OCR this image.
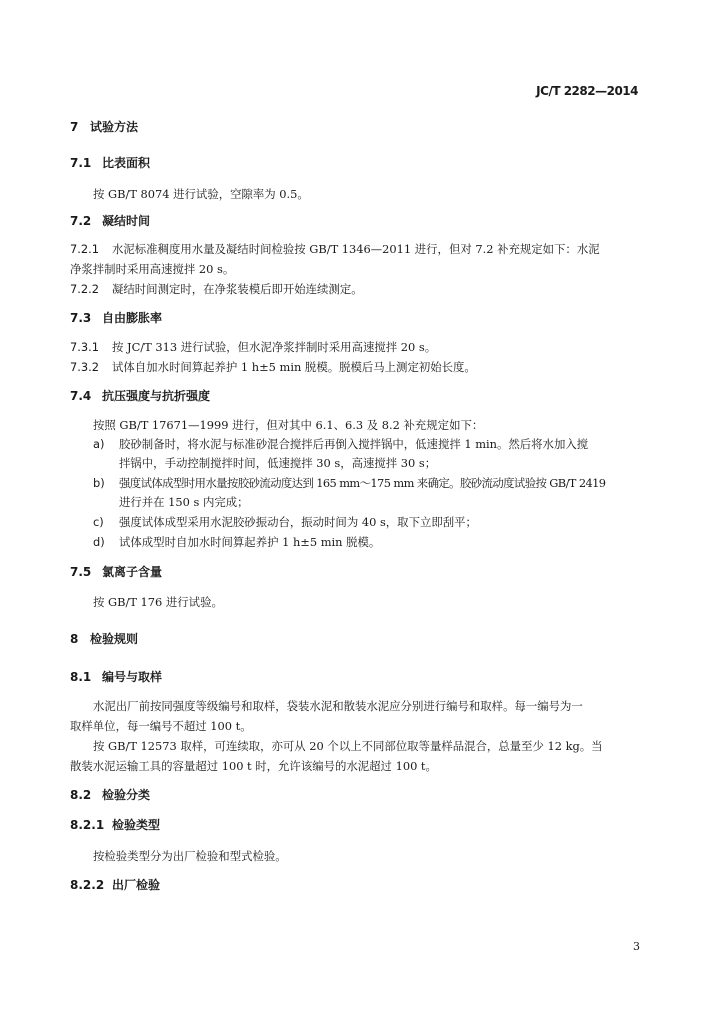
JC/T 2282—2014
7 试验方法
7.1 比表面积
按 GB/T 8074 进行试验，空隙率为 0.5。
7.2 凝结时间
7.2.1 水泥标准稠度用水量及凝结时间检验按 GB/T 1346—2011 进行，但对 7.2 补充规定如下：水泥
净浆拌制时采用高速搅拌 20 s。
7.2.2 凝结时间测定时，在净浆装模后即开始连续测定。
7.3 自由膨胀率
7.3.1 按 JC/T 313 进行试验，但水泥净浆拌制时采用高速搅拌 20 s。
7.3.2 试体自加水时间算起养护 1 h±5 min 脱模。脱模后马上测定初始长度。
7.4 抗压强度与抗折强度
按照 GB/T 17671—1999 进行，但对其中 6.1、6.3 及 8.2 补充规定如下：
a) 胶砂制备时，将水泥与标准砂混合搅拌后再倒入搅拌锅中，低速搅拌 1 min。然后将水加入搅
拌锅中，手动控制搅拌时间，低速搅拌 30 s，高速搅拌 30 s；
b) 强度试体成型时用水量按胶砂流动度达到 165 mm～175 mm 来确定。胶砂流动度试验按 GB/T 2419
进行并在 150 s 内完成；
c) 强度试体成型采用水泥胶砂振动台，振动时间为 40 s，取下立即刮平；
d) 试体成型时自加水时间算起养护 1 h±5 min 脱模。
7.5 氯离子含量
按 GB/T 176 进行试验。
8 检验规则
8.1 编号与取样
水泥出厂前按同强度等级编号和取样，袋装水泥和散装水泥应分别进行编号和取样。每一编号为一
取样单位，每一编号不超过 100 t。
按 GB/T 12573 取样，可连续取，亦可从 20 个以上不同部位取等量样品混合，总量至少 12 kg。当
散装水泥运输工具的容量超过 100 t 时，允许该编号的水泥超过 100 t。
8.2 检验分类
8.2.1 检验类型
按检验类型分为出厂检验和型式检验。
8.2.2 出厂检验
3
